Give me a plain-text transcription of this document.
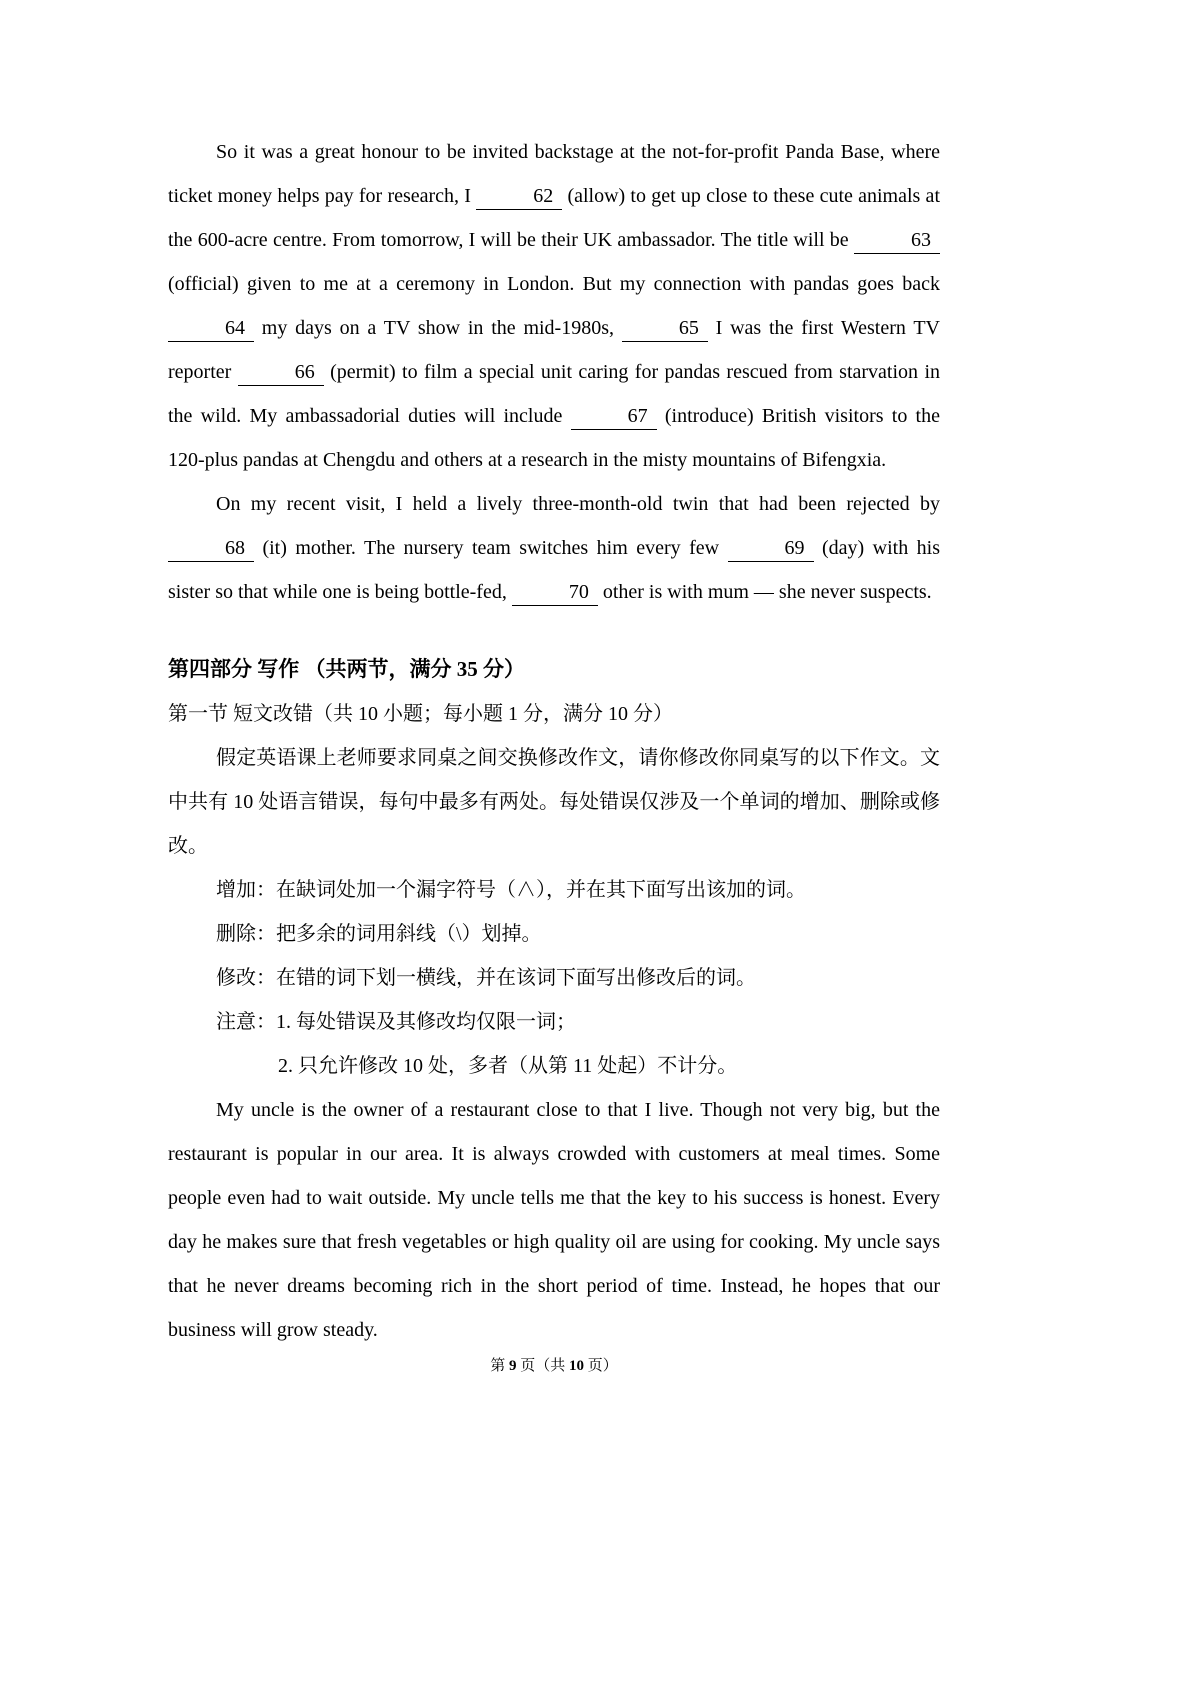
So it was a great honour to be invited backstage at the not-for-profit Panda Base, where ticket money helps pay for research, I	62 (allow) to get up close to these cute animals at the 600-acre centre. From tomorrow, I will be their UK ambassador. The title will be	63 (official) given to me at a ceremony in London. But my connection with pandas goes back 64 my days on a TV show in the mid-1980s,	65 I was the first Western TV reporter	66 (permit) to film a special unit caring for pandas rescued from starvation in the wild. My ambassadorial duties will include	67 (introduce) British visitors to the 120-plus pandas at Chengdu and others at a research in the misty mountains of Bifengxia.

On my recent visit, I held a lively three-month-old twin that had been rejected by 68 (it) mother. The nursery team switches him every few	69 (day) with his sister so that while one is being bottle-fed,	70 other is with mum — she never suspects.

第四部分 写作 （共两节，满分 35 分）

第一节 短文改错（共 10 小题；每小题 1 分，满分 10 分）

假定英语课上老师要求同桌之间交换修改作文，请你修改你同桌写的以下作文。文中共有 10 处语言错误，每句中最多有两处。每处错误仅涉及一个单词的增加、删除或修改。

增加：在缺词处加一个漏字符号（∧），并在其下面写出该加的词。

删除：把多余的词用斜线（\）划掉。

修改：在错的词下划一横线，并在该词下面写出修改后的词。

注意：1. 每处错误及其修改均仅限一词；

2. 只允许修改 10 处，多者（从第 11 处起）不计分。

My uncle is the owner of a restaurant close to that I live. Though not very big, but the restaurant is popular in our area. It is always crowded with customers at meal times. Some people even had to wait outside. My uncle tells me that the key to his success is honest. Every day he makes sure that fresh vegetables or high quality oil are using for cooking. My uncle says that he never dreams becoming rich in the short period of time. Instead, he hopes that our business will grow steady.

第 9 页（共 10 页）
